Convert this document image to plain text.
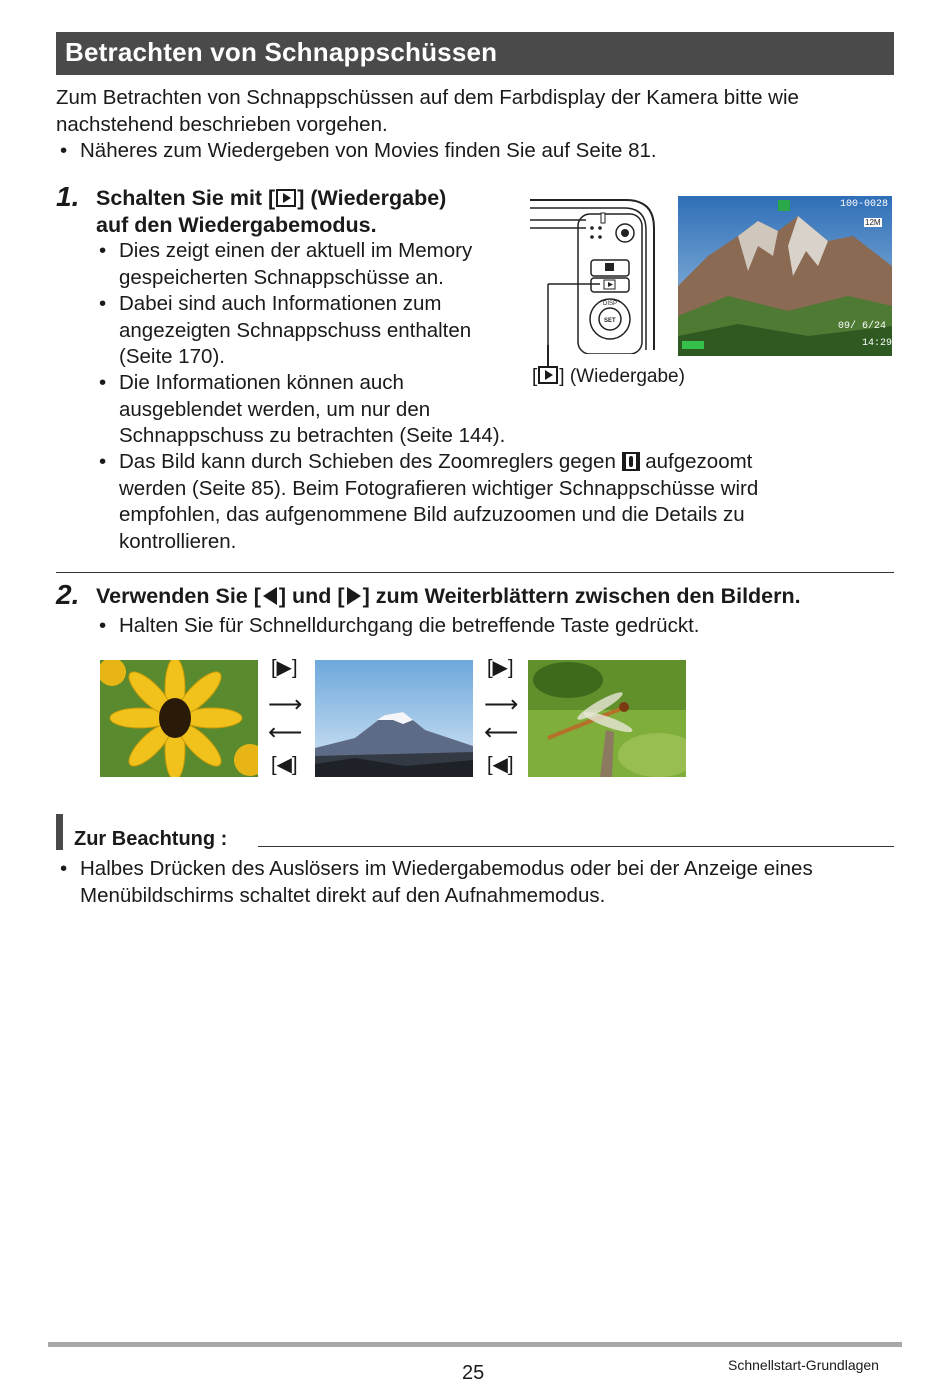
Betrachten von Schnappschüssen
Zum Betrachten von Schnappschüssen auf dem Farbdisplay der Kamera bitte wie
nachstehend beschrieben vorgehen.
• Näheres zum Wiedergeben von Movies finden Sie auf Seite 81.
1. Schalten Sie mit [ ] (Wiedergabe)
auf den Wiedergabemodus.
• Dies zeigt einen der aktuell im Memory
gespeicherten Schnappschüsse an.
• Dabei sind auch Informationen zum
angezeigten Schnappschuss enthalten
(Seite 170).
• Die Informationen können auch
ausgeblendet werden, um nur den
Schnappschuss zu betrachten (Seite 144).
• Das Bild kann durch Schieben des Zoomreglers gegen
aufgezoomt
werden (Seite 85). Beim Fotografieren wichtiger Schnappschüsse wird
empfohlen, das aufgenommene Bild aufzuzoomen und die Details zu
kontrollieren.
DISP
SET
100-0028
12M
09/ 6/24
14:29
[ ] (Wiedergabe)
2. Verwenden Sie [ ] und [ ] zum Weiterblättern zwischen den Bildern.
• Halten Sie für Schnelldurchgang die betreffende Taste gedrückt.
[▶]
⟶
⟵
[◀]
[▶]
⟶
⟵
[◀]
Zur Beachtung :
• Halbes Drücken des Auslösers im Wiedergabemodus oder bei der Anzeige eines
Menübildschirms schaltet direkt auf den Aufnahmemodus.
25	Schnellstart-Grundlagen
